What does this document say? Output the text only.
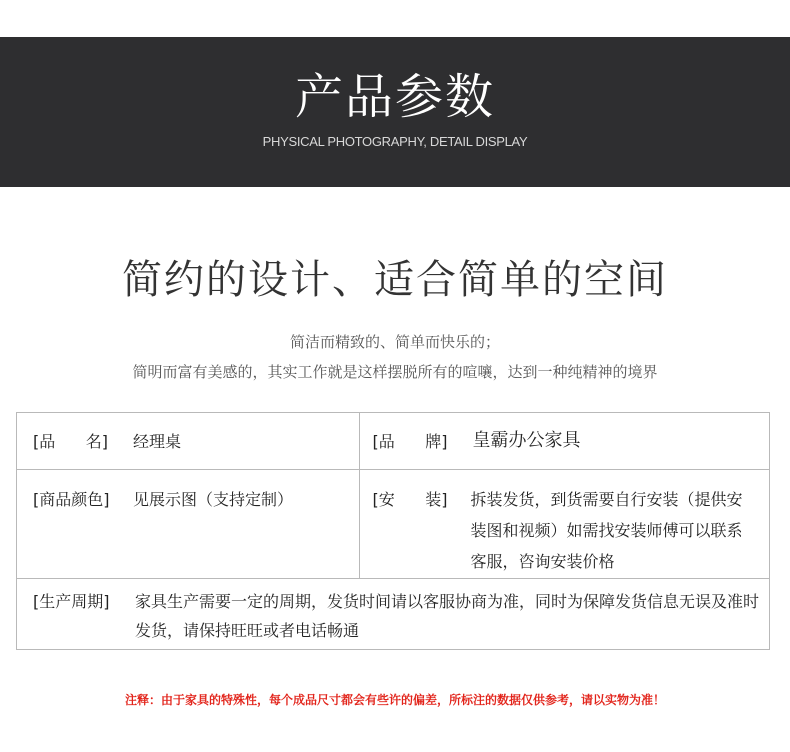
产品参数
PHYSICAL PHOTOGRAPHY, DETAIL DISPLAY
简约的设计、适合简单的空间
简洁而精致的、简单而快乐的；
简明而富有美感的，其实工作就是这样摆脱所有的喧嚷，达到一种纯精神的境界
[品      名] 经理桌	[品      牌] 皇霸办公家具

[商品颜色] 见展示图（支持定制）	[安      装] 拆装发货，到货需要自行安装（提供安装图和视频）如需找安装师傅可以联系客服，咨询安装价格

[生产周期] 家具生产需要一定的周期，发货时间请以客服协商为准，同时为保障发货信息无误及准时发货，请保持旺旺或者电话畅通	
注释：由于家具的特殊性，每个成品尺寸都会有些许的偏差，所标注的数据仅供参考，请以实物为准！
